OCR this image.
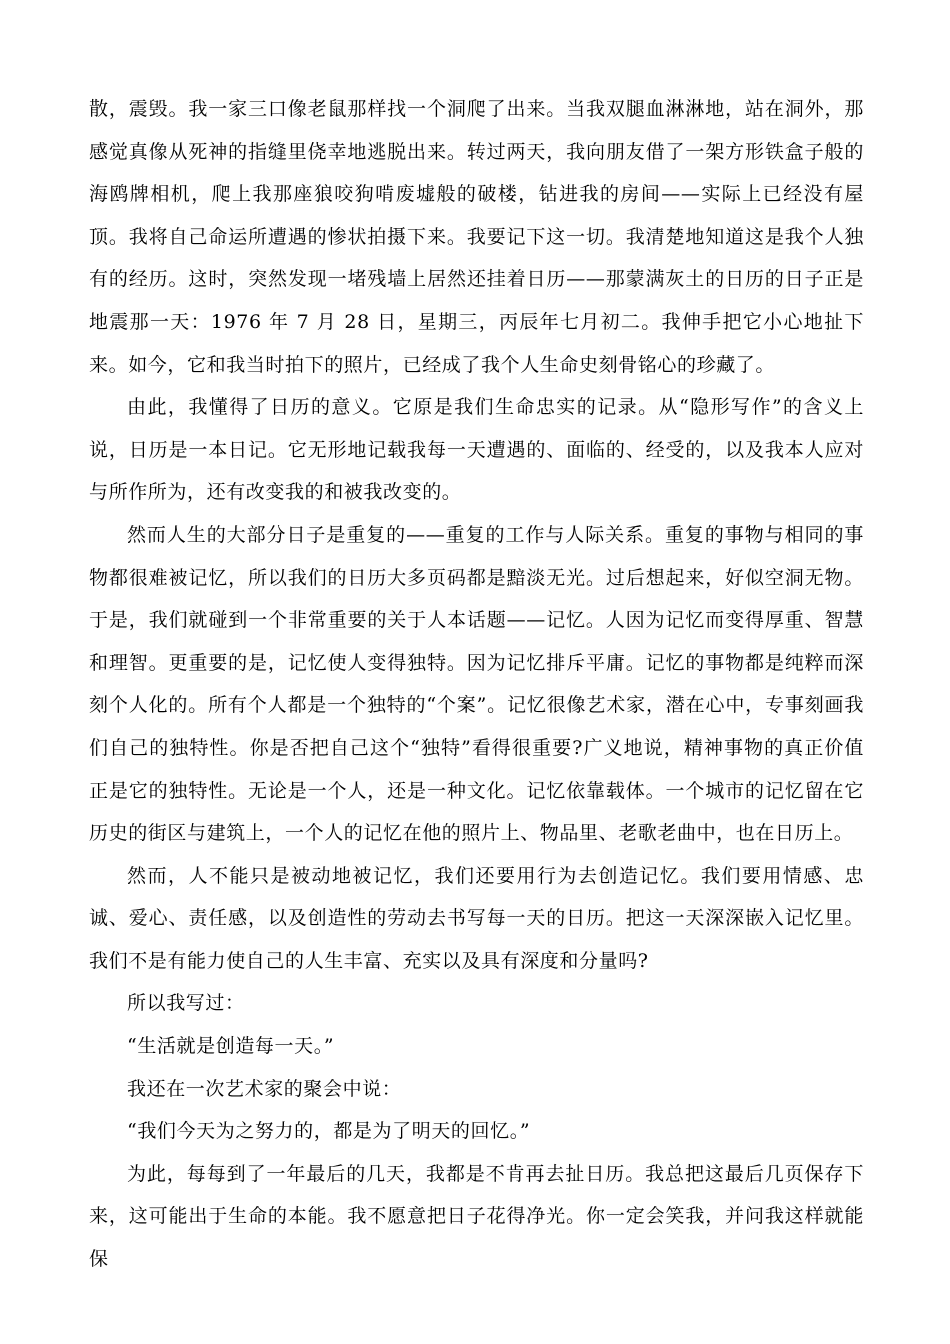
散，震毁。我一家三口像老鼠那样找一个洞爬了出来。当我双腿血淋淋地，站在洞外，那感觉真像从死神的指缝里侥幸地逃脱出来。转过两天，我向朋友借了一架方形铁盒子般的海鸥牌相机，爬上我那座狼咬狗啃废墟般的破楼，钻进我的房间——实际上已经没有屋顶。我将自己命运所遭遇的惨状拍摄下来。我要记下这一切。我清楚地知道这是我个人独有的经历。这时，突然发现一堵残墙上居然还挂着日历——那蒙满灰土的日历的日子正是地震那一天：1976 年 7 月 28 日，星期三，丙辰年七月初二。我伸手把它小心地扯下来。如今，它和我当时拍下的照片，已经成了我个人生命史刻骨铭心的珍藏了。

由此，我懂得了日历的意义。它原是我们生命忠实的记录。从“隐形写作”的含义上说，日历是一本日记。它无形地记载我每一天遭遇的、面临的、经受的，以及我本人应对与所作所为，还有改变我的和被我改变的。

然而人生的大部分日子是重复的——重复的工作与人际关系。重复的事物与相同的事物都很难被记忆，所以我们的日历大多页码都是黯淡无光。过后想起来，好似空洞无物。于是，我们就碰到一个非常重要的关于人本话题——记忆。人因为记忆而变得厚重、智慧和理智。更重要的是，记忆使人变得独特。因为记忆排斥平庸。记忆的事物都是纯粹而深刻个人化的。所有个人都是一个独特的“个案”。记忆很像艺术家，潜在心中，专事刻画我们自己的独特性。你是否把自己这个“独特”看得很重要?广义地说，精神事物的真正价值正是它的独特性。无论是一个人，还是一种文化。记忆依靠载体。一个城市的记忆留在它历史的街区与建筑上，一个人的记忆在他的照片上、物品里、老歌老曲中，也在日历上。

然而，人不能只是被动地被记忆，我们还要用行为去创造记忆。我们要用情感、忠诚、爱心、责任感，以及创造性的劳动去书写每一天的日历。把这一天深深嵌入记忆里。我们不是有能力使自己的人生丰富、充实以及具有深度和分量吗?

所以我写过：

“生活就是创造每一天。”

我还在一次艺术家的聚会中说：

“我们今天为之努力的，都是为了明天的回忆。”

为此，每每到了一年最后的几天，我都是不肯再去扯日历。我总把这最后几页保存下来，这可能出于生命的本能。我不愿意把日子花得净光。你一定会笑我，并问我这样就能保
